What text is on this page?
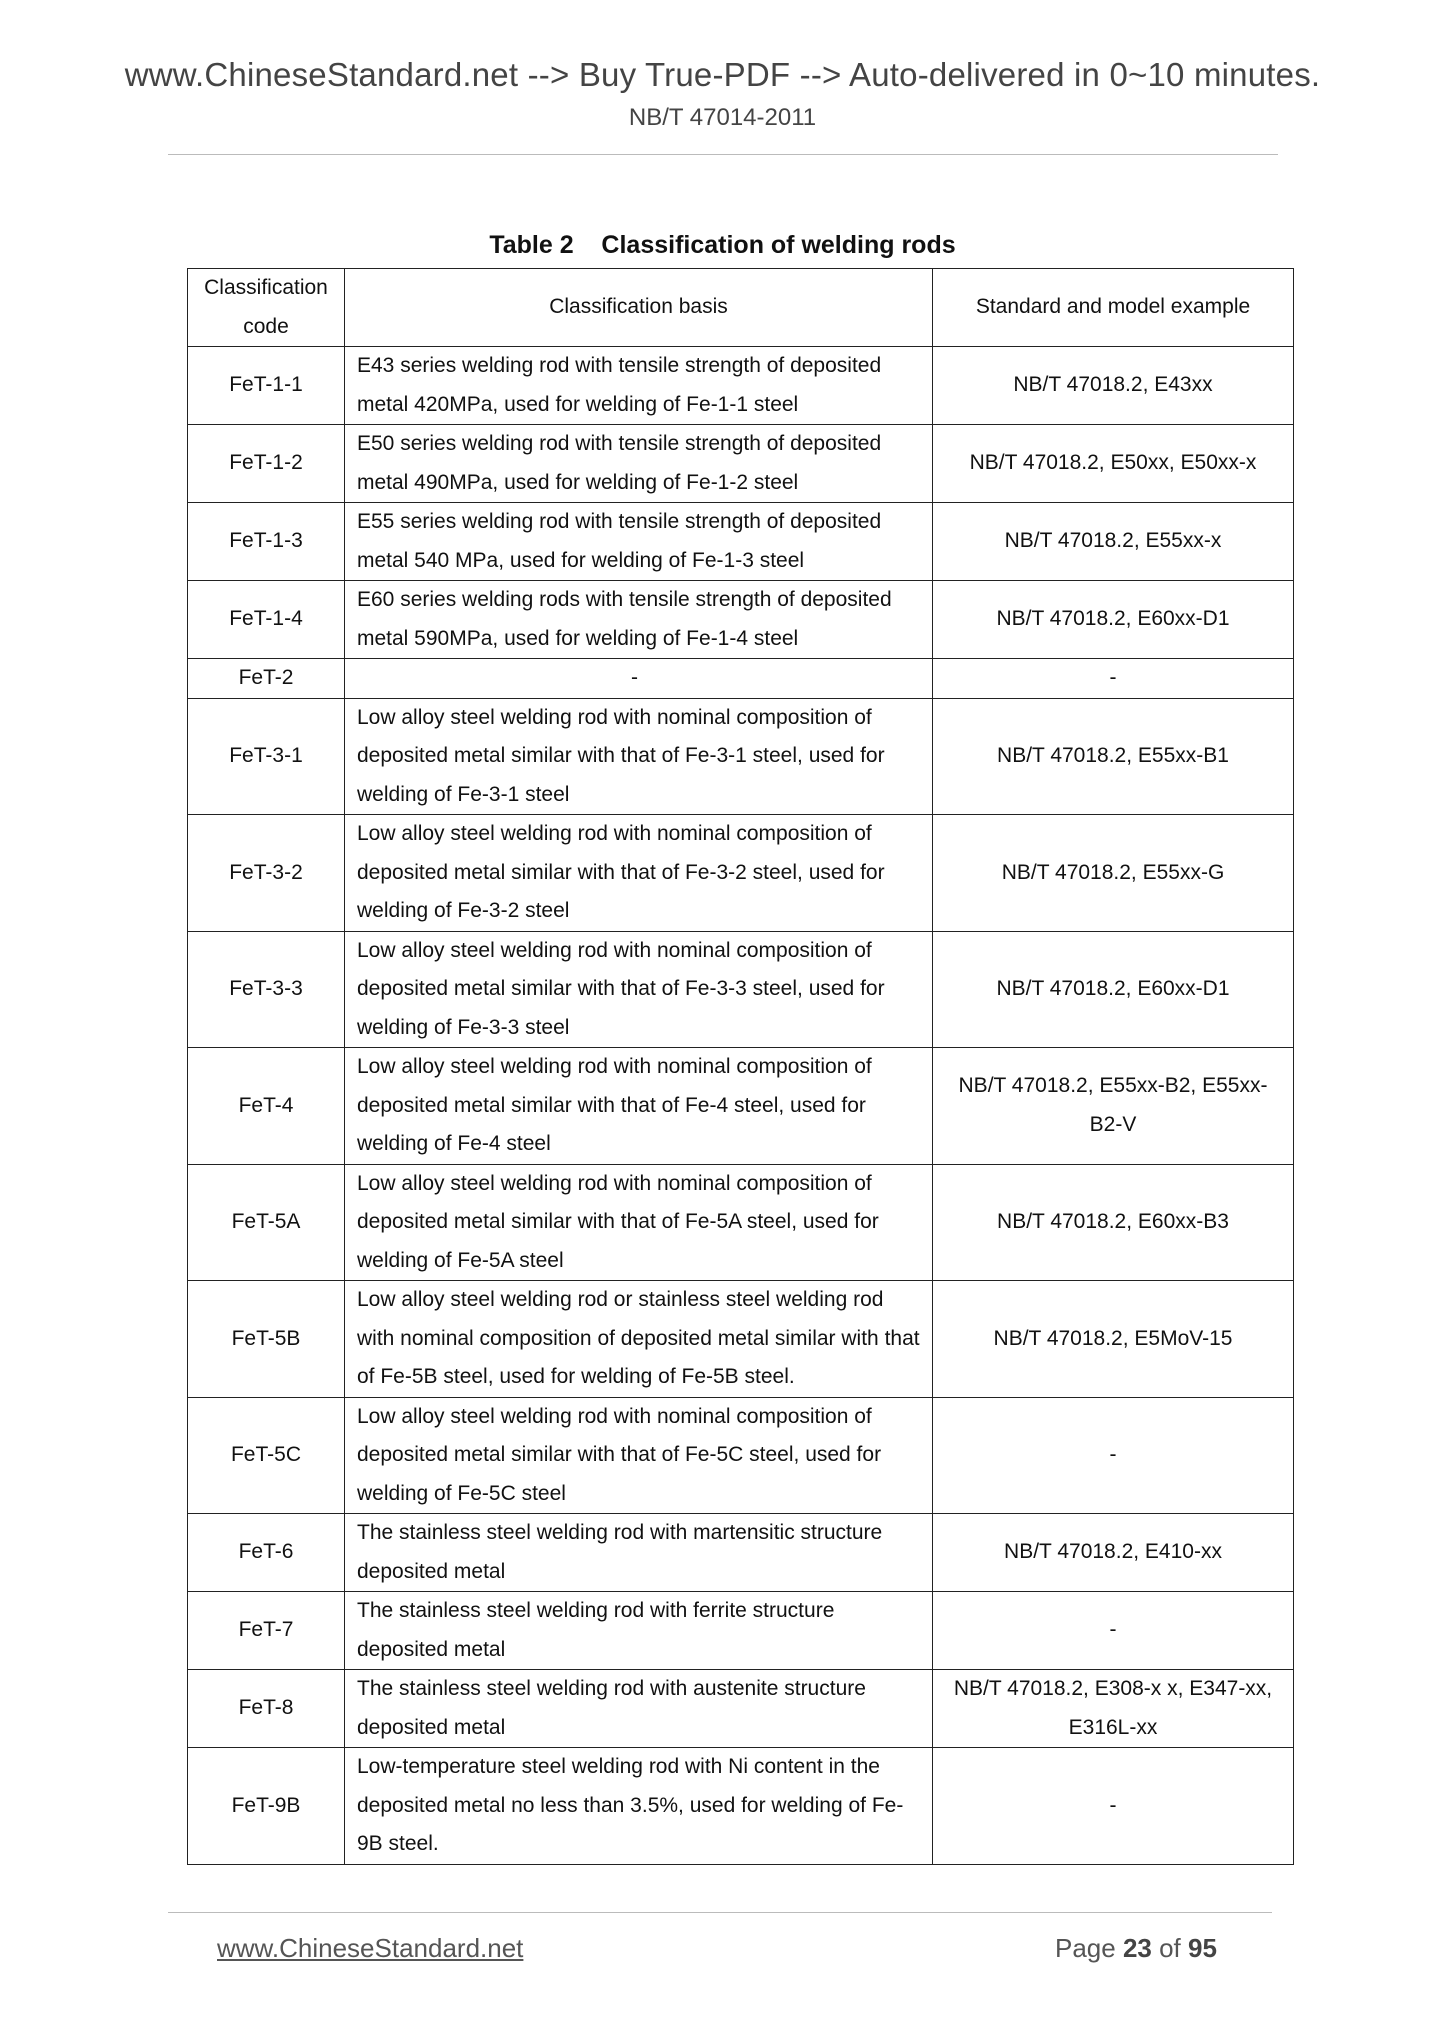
www.ChineseStandard.net --> Buy True-PDF --> Auto-delivered in 0~10 minutes.
NB/T 47014-2011
Table 2    Classification of welding rods
Classification code	Classification basis	Standard and model example
FeT-1-1	E43 series welding rod with tensile strength of deposited metal 420MPa, used for welding of Fe-1-1 steel	NB/T 47018.2, E43xx
FeT-1-2	E50 series welding rod with tensile strength of deposited metal 490MPa, used for welding of Fe-1-2 steel	NB/T 47018.2, E50xx, E50xx-x
FeT-1-3	E55 series welding rod with tensile strength of deposited metal 540 MPa, used for welding of Fe-1-3 steel	NB/T 47018.2, E55xx-x
FeT-1-4	E60 series welding rods with tensile strength of deposited metal 590MPa, used for welding of Fe-1-4 steel	NB/T 47018.2, E60xx-D1
FeT-2	-	-
FeT-3-1	Low alloy steel welding rod with nominal composition of deposited metal similar with that of Fe-3-1 steel, used for welding of Fe-3-1 steel	NB/T 47018.2, E55xx-B1
FeT-3-2	Low alloy steel welding rod with nominal composition of deposited metal similar with that of Fe-3-2 steel, used for welding of Fe-3-2 steel	NB/T 47018.2, E55xx-G
FeT-3-3	Low alloy steel welding rod with nominal composition of deposited metal similar with that of Fe-3-3 steel, used for welding of Fe-3-3 steel	NB/T 47018.2, E60xx-D1
FeT-4	Low alloy steel welding rod with nominal composition of deposited metal similar with that of Fe-4 steel, used for welding of Fe-4 steel	NB/T 47018.2, E55xx-B2, E55xx-B2-V
FeT-5A	Low alloy steel welding rod with nominal composition of deposited metal similar with that of Fe-5A steel, used for welding of Fe-5A steel	NB/T 47018.2, E60xx-B3
FeT-5B	Low alloy steel welding rod or stainless steel welding rod with nominal composition of deposited metal similar with that of Fe-5B steel, used for welding of Fe-5B steel.	NB/T 47018.2, E5MoV-15
FeT-5C	Low alloy steel welding rod with nominal composition of deposited metal similar with that of Fe-5C steel, used for welding of Fe-5C steel	-
FeT-6	The stainless steel welding rod with martensitic structure deposited metal	NB/T 47018.2, E410-xx
FeT-7	The stainless steel welding rod with ferrite structure deposited metal	-
FeT-8	The stainless steel welding rod with austenite structure deposited metal	NB/T 47018.2, E308-x x, E347-xx, E316L-xx
FeT-9B	Low-temperature steel welding rod with Ni content in the deposited metal no less than 3.5%, used for welding of Fe-9B steel.	-
www.ChineseStandard.net	Page 23 of 95
